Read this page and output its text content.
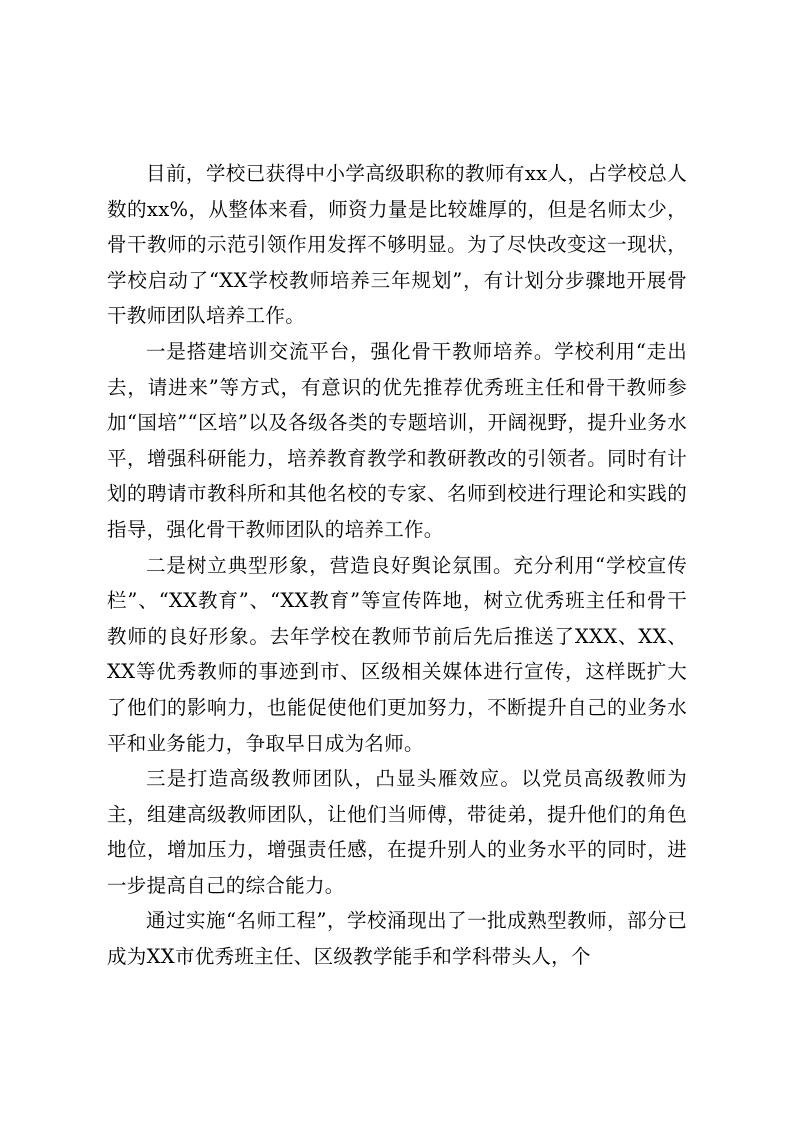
目前，学校已获得中小学高级职称的教师有xx人，占学校总人数的xx%，从整体来看，师资力量是比较雄厚的，但是名师太少，骨干教师的示范引领作用发挥不够明显。为了尽快改变这一现状，学校启动了“XX学校教师培养三年规划”，有计划分步骤地开展骨干教师团队培养工作。

一是搭建培训交流平台，强化骨干教师培养。学校利用“走出去，请进来”等方式，有意识的优先推荐优秀班主任和骨干教师参加“国培”“区培”以及各级各类的专题培训，开阔视野，提升业务水平，增强科研能力，培养教育教学和教研教改的引领者。同时有计划的聘请市教科所和其他名校的专家、名师到校进行理论和实践的指导，强化骨干教师团队的培养工作。

二是树立典型形象，营造良好舆论氛围。充分利用“学校宣传栏”、“XX教育”、“XX教育”等宣传阵地，树立优秀班主任和骨干教师的良好形象。去年学校在教师节前后先后推送了XXX、XX、XX等优秀教师的事迹到市、区级相关媒体进行宣传，这样既扩大了他们的影响力，也能促使他们更加努力，不断提升自己的业务水平和业务能力，争取早日成为名师。

三是打造高级教师团队，凸显头雁效应。以党员高级教师为主，组建高级教师团队，让他们当师傅，带徒弟，提升他们的角色地位，增加压力，增强责任感，在提升别人的业务水平的同时，进一步提高自己的综合能力。

通过实施“名师工程”，学校涌现出了一批成熟型教师，部分已成为XX市优秀班主任、区级教学能手和学科带头人，个
